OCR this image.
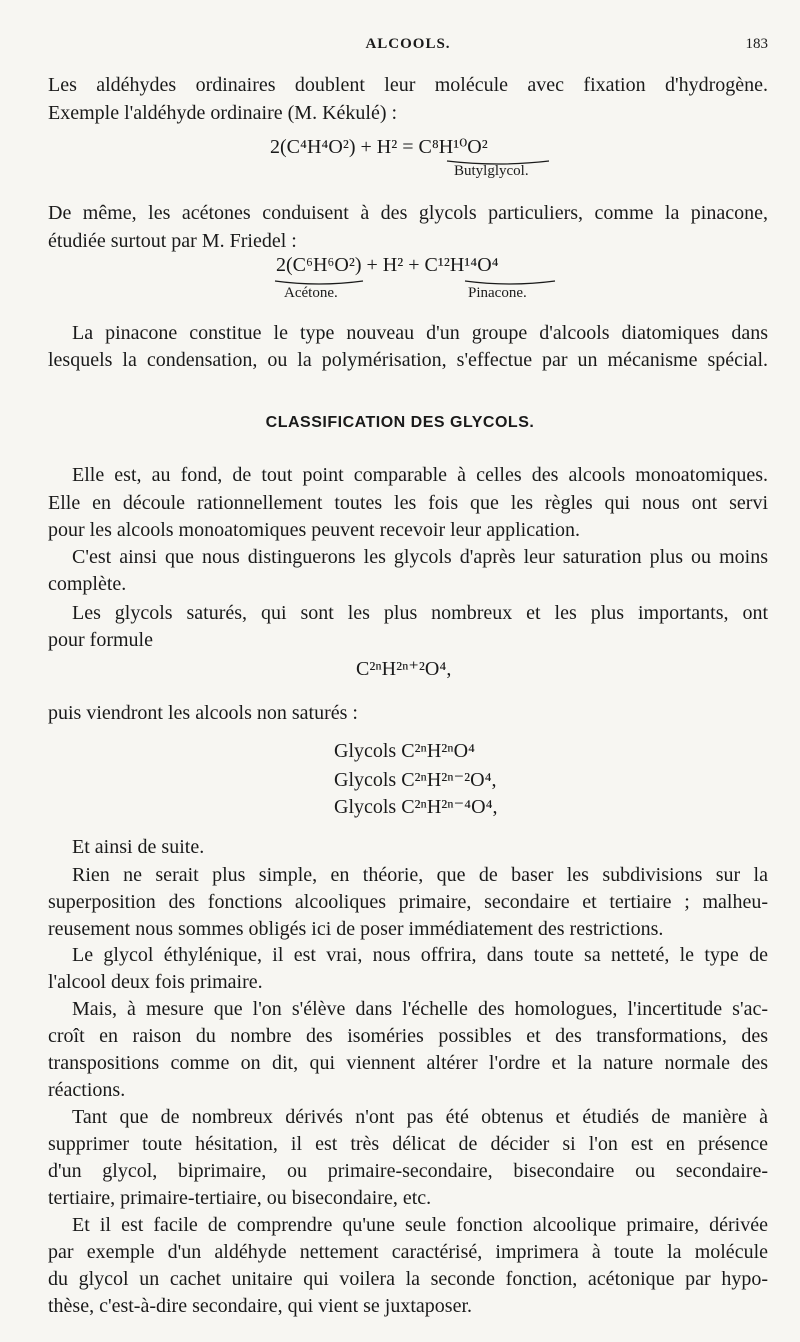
ALCOOLS.	183
Les aldéhydes ordinaires doublent leur molécule avec fixation d'hydrogène.
Exemple l'aldéhyde ordinaire (M. Kékulé) :
2(C⁴H⁴O²) + H² = C⁸H¹⁰O²
Butylglycol.
De même, les acétones conduisent à des glycols particuliers, comme la pinacone,
étudiée surtout par M. Friedel :
2(C⁶H⁶O²) + H² + C¹²H¹⁴O⁴
Acétone.	Pinacone.
La pinacone constitue le type nouveau d'un groupe d'alcools diatomiques dans
lesquels la condensation, ou la polymérisation, s'effectue par un mécanisme spécial.
CLASSIFICATION DES GLYCOLS.
Elle est, au fond, de tout point comparable à celles des alcools monoatomiques.
Elle en découle rationnellement toutes les fois que les règles qui nous ont servi
pour les alcools monoatomiques peuvent recevoir leur application.
C'est ainsi que nous distinguerons les glycols d'après leur saturation plus ou moins
complète.
Les glycols saturés, qui sont les plus nombreux et les plus importants, ont
pour formule
C²ⁿH²ⁿ⁺²O⁴,
puis viendront les alcools non saturés :
Glycols C²ⁿH²ⁿO⁴
Glycols C²ⁿH²ⁿ⁻²O⁴,
Glycols C²ⁿH²ⁿ⁻⁴O⁴,
Et ainsi de suite.
Rien ne serait plus simple, en théorie, que de baser les subdivisions sur la
superposition des fonctions alcooliques primaire, secondaire et tertiaire ; malheu-
reusement nous sommes obligés ici de poser immédiatement des restrictions.
Le glycol éthylénique, il est vrai, nous offrira, dans toute sa netteté, le type de
l'alcool deux fois primaire.
Mais, à mesure que l'on s'élève dans l'échelle des homologues, l'incertitude s'ac-
croît en raison du nombre des isoméries possibles et des transformations, des
transpositions comme on dit, qui viennent altérer l'ordre et la nature normale des
réactions.
Tant que de nombreux dérivés n'ont pas été obtenus et étudiés de manière à
supprimer toute hésitation, il est très délicat de décider si l'on est en présence
d'un glycol, biprimaire, ou primaire-secondaire, bisecondaire ou secondaire-
tertiaire, primaire-tertiaire, ou bisecondaire, etc.
Et il est facile de comprendre qu'une seule fonction alcoolique primaire, dérivée
par exemple d'un aldéhyde nettement caractérisé, imprimera à toute la molécule
du glycol un cachet unitaire qui voilera la seconde fonction, acétonique par hypo-
thèse, c'est-à-dire secondaire, qui vient se juxtaposer.
